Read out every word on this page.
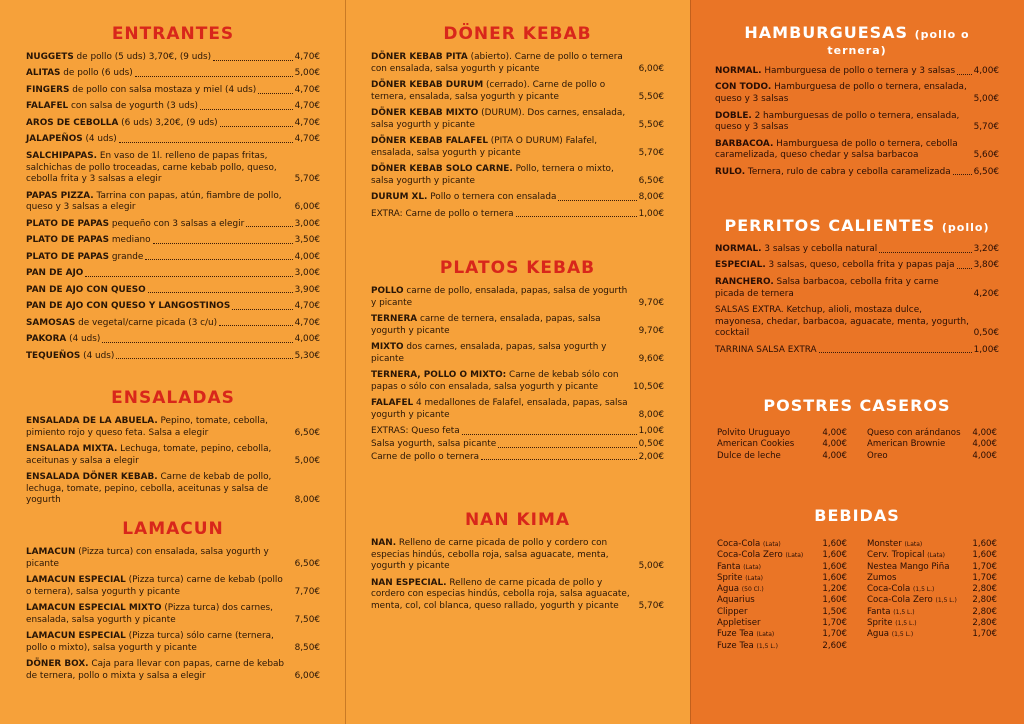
ENTRANTES
NUGGETS de pollo (5 uds) 3,70€, (9 uds)	4,70€
ALITAS de pollo (6 uds)	5,00€
FINGERS de pollo con salsa mostaza y miel (4 uds)	4,70€
FALAFEL con salsa de yogurth (3 uds)	4,70€
AROS DE CEBOLLA (6 uds) 3,20€, (9 uds)	4,70€
JALAPEÑOS (4 uds)	4,70€
SALCHIPAPAS. En vaso de 1l. relleno de papas fritas, salchichas de pollo troceadas, carne kebab pollo, queso, cebolla frita y 3 salsas a elegir	5,70€
PAPAS PIZZA. Tarrina con papas, atún, fiambre de pollo, queso y 3 salsas a elegir	6,00€
PLATO DE PAPAS pequeño con 3 salsas a elegir	3,00€
PLATO DE PAPAS mediano	3,50€
PLATO DE PAPAS grande	4,00€
PAN DE AJO	3,00€
PAN DE AJO CON QUESO	3,90€
PAN DE AJO CON QUESO Y LANGOSTINOS	4,70€
SAMOSAS de vegetal/carne picada (3 c/u)	4,70€
PAKORA (4 uds)	4,00€
TEQUEÑOS (4 uds)	5,30€
ENSALADAS
ENSALADA DE LA ABUELA. Pepino, tomate, cebolla, pimiento rojo y queso feta. Salsa a elegir	6,50€
ENSALADA MIXTA. Lechuga, tomate, pepino, cebolla, aceitunas y salsa a elegir	5,00€
ENSALADA DÖNER KEBAB. Carne de kebab de pollo, lechuga, tomate, pepino, cebolla, aceitunas y salsa de yogurth	8,00€
LAMACUN
LAMACUN (Pizza turca) con ensalada, salsa yogurth y picante	6,50€
LAMACUN ESPECIAL (Pizza turca) carne de kebab (pollo o ternera), salsa yogurth y picante	7,70€
LAMACUN ESPECIAL MIXTO (Pizza turca) dos carnes, ensalada, salsa yogurth y picante	7,50€
LAMACUN ESPECIAL (Pizza turca) sólo carne (ternera, pollo o mixto), salsa yogurth y picante	8,50€
DÖNER BOX. Caja para llevar con papas, carne de kebab de ternera, pollo o mixta y salsa a elegir	6,00€
DÖNER KEBAB
DÖNER KEBAB PITA (abierto). Carne de pollo o ternera con ensalada, salsa yogurth y picante	6,00€
DÖNER KEBAB DURUM (cerrado). Carne de pollo o ternera, ensalada, salsa yogurth y picante	5,50€
DÖNER KEBAB MIXTO (DURUM). Dos carnes, ensalada, salsa yogurth y picante	5,50€
DÖNER KEBAB FALAFEL (PITA O DURUM) Falafel, ensalada, salsa yogurth y picante	5,70€
DÖNER KEBAB SOLO CARNE. Pollo, ternera o mixto, salsa yogurth y picante	6,50€
DURUM XL. Pollo o ternera con ensalada	8,00€
EXTRA: Carne de pollo o ternera	1,00€
PLATOS KEBAB
POLLO carne de pollo, ensalada, papas, salsa de yogurth y picante	9,70€
TERNERA carne de ternera, ensalada, papas, salsa yogurth y picante	9,70€
MIXTO dos carnes, ensalada, papas, salsa yogurth y picante	9,60€
TERNERA, POLLO O MIXTO: Carne de kebab sólo con papas o sólo con ensalada, salsa yogurth y picante	10,50€
FALAFEL 4 medallones de Falafel, ensalada, papas, salsa yogurth y picante	8,00€
EXTRAS: Queso feta	1,00€
Salsa yogurth, salsa picante	0,50€
Carne de pollo o ternera	2,00€
NAN KIMA
NAN. Relleno de carne picada de pollo y cordero con especias hindús, cebolla roja, salsa aguacate, menta, yogurth y picante	5,00€
NAN ESPECIAL. Relleno de carne picada de pollo y cordero con especias hindús, cebolla roja, salsa aguacate, menta, col, col blanca, queso rallado, yogurth y picante	5,70€
HAMBURGUESAS (pollo o ternera)
NORMAL. Hamburguesa de pollo o ternera y 3 salsas 4,00€
CON TODO. Hamburguesa de pollo o ternera, ensalada, queso y 3 salsas	5,00€
DOBLE. 2 hamburguesas de pollo o ternera, ensalada, queso y 3 salsas	5,70€
BARBACOA. Hamburguesa de pollo o ternera, cebolla caramelizada, queso chedar y salsa barbacoa	5,60€
RULO. Ternera, rulo de cabra y cebolla caramelizada	6,50€
PERRITOS CALIENTES (pollo)
NORMAL. 3 salsas y cebolla natural	3,20€
ESPECIAL. 3 salsas, queso, cebolla frita y papas paja 3,80€
RANCHERO. Salsa barbacoa, cebolla frita y carne picada de ternera	4,20€
SALSAS EXTRA. Ketchup, alioli, mostaza dulce, mayonesa, chedar, barbacoa, aguacate, menta, yogurth, cocktail	0,50€
TARRINA SALSA EXTRA	1,00€
POSTRES CASEROS
Polvito Uruguayo	4,00€
American Cookies	4,00€
Dulce de leche	4,00€
Queso con arándanos 4,00€
American Brownie	4,00€
Oreo	4,00€
BEBIDAS
Coca-Cola (Lata)	1,60€
Coca-Cola Zero (Lata) 1,60€
Fanta (Lata)	1,60€
Sprite (Lata)	1,60€
Agua (50 Cl.)	1,20€
Aquarius	1,60€
Clipper	1,50€
Appletiser	1,70€
Fuze Tea (Lata)	1,70€
Fuze Tea (1,5 L.)	2,60€
Monster (Lata)	1,60€
Cerv. Tropical (Lata)	1,60€
Nestea Mango Piña	1,70€
Zumos	1,70€
Coca-Cola (1,5 L.)	2,80€
Coca-Cola Zero (1,5 L.) 2,80€
Fanta (1,5 L.)	2,80€
Sprite (1,5 L.)	2,80€
Agua (1,5 L.)	1,70€
